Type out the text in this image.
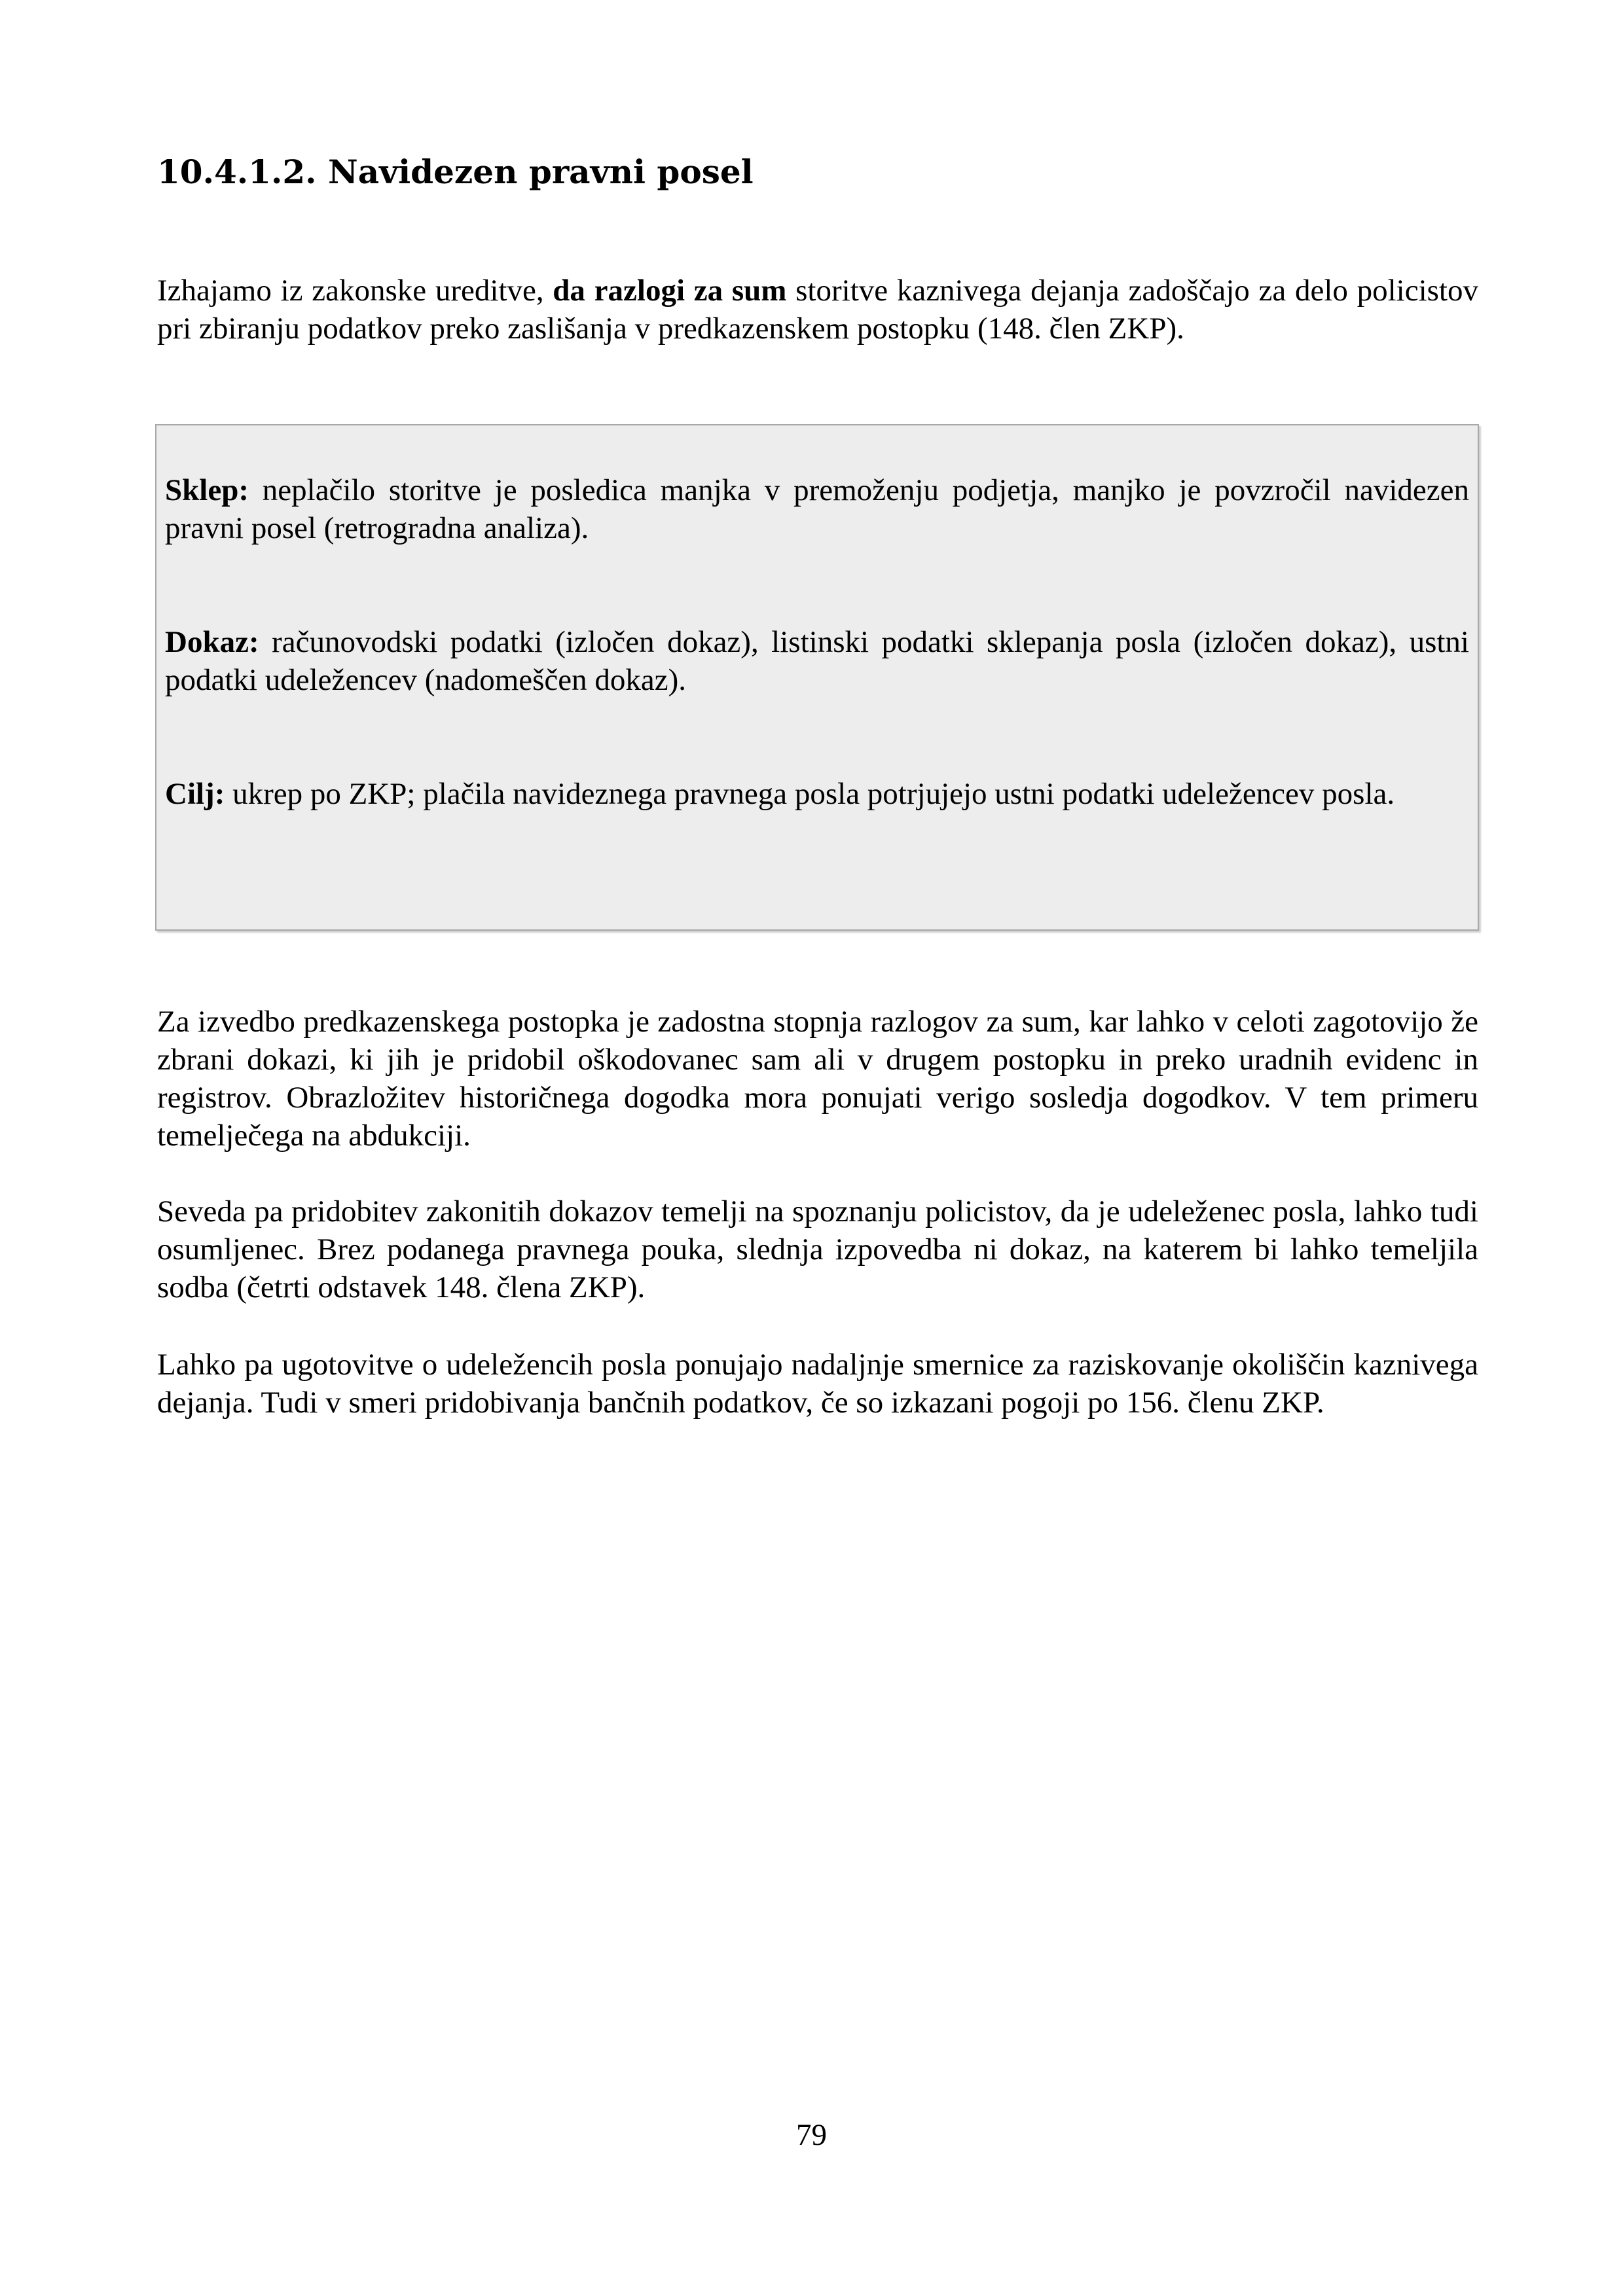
10.4.1.2. Navidezen pravni posel

Izhajamo iz zakonske ureditve, da razlogi za sum storitve kaznivega dejanja zadoščajo za delo policistov pri zbiranju podatkov preko zaslišanja v predkazenskem postopku (148. člen ZKP).

Sklep: neplačilo storitve je posledica manjka v premoženju podjetja, manjko je povzročil navidezen pravni posel (retrogradna analiza).

Dokaz: računovodski podatki (izločen dokaz), listinski podatki sklepanja posla (izločen dokaz), ustni podatki udeležencev (nadomeščen dokaz).

Cilj: ukrep po ZKP; plačila navideznega pravnega posla potrjujejo ustni podatki udeležencev posla.

Za izvedbo predkazenskega postopka je zadostna stopnja razlogov za sum, kar lahko v celoti zagotovijo že zbrani dokazi, ki jih je pridobil oškodovanec sam ali v drugem postopku in preko uradnih evidenc in registrov. Obrazložitev historičnega dogodka mora ponujati verigo sosledja dogodkov. V tem primeru temelječega na abdukciji.

Seveda pa pridobitev zakonitih dokazov temelji na spoznanju policistov, da je udeleženec posla, lahko tudi osumljenec. Brez podanega pravnega pouka, slednja izpovedba ni dokaz, na katerem bi lahko temeljila sodba (četrti odstavek 148. člena ZKP).

Lahko pa ugotovitve o udeležencih posla ponujajo nadaljnje smernice za raziskovanje okoliščin kaznivega dejanja. Tudi v smeri pridobivanja bančnih podatkov, če so izkazani pogoji po 156. členu ZKP.

79
